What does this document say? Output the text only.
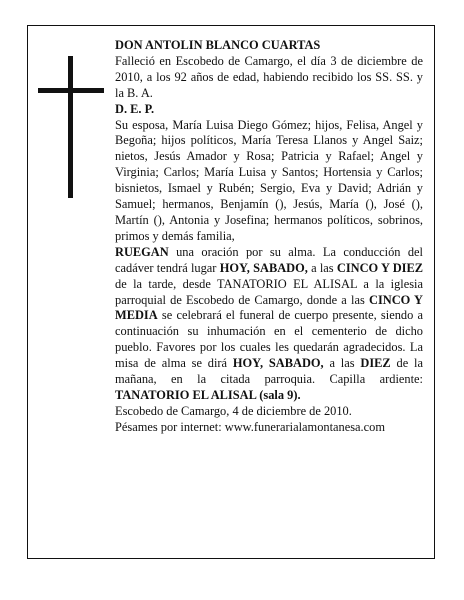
DON ANTOLIN BLANCO CUARTAS

Falleció en Escobedo de Camargo, el día 3 de diciembre de 2010, a los 92 años de edad, habiendo recibido los SS. SS. y la B. A.

D. E. P.

Su esposa, María Luisa Diego Gómez; hijos, Felisa, Angel y Begoña; hijos políticos, María Teresa Llanos y Angel Saiz; nietos, Jesús Amador y Rosa; Patricia y Rafael; Angel y Virginia; Carlos; María Luisa y Santos; Hortensia y Carlos; bisnietos, Ismael y Rubén; Sergio, Eva y David; Adrián y Samuel; hermanos, Benjamín (), Jesús, María (), José (), Martín (), Antonia y Josefina; hermanos políticos, sobrinos, primos y demás familia,
RUEGAN una oración por su alma. La conducción del cadáver tendrá lugar HOY, SABADO, a las CINCO Y DIEZ de la tarde, desde TANATORIO EL ALISAL a la iglesia parroquial de Escobedo de Camargo, donde a las CINCO Y MEDIA se celebrará el funeral de cuerpo presente, siendo a continuación su inhumación en el cementerio de dicho pueblo. Favores por los cuales les quedarán agradecidos. La misa de alma se dirá HOY, SABADO, a las DIEZ de la mañana, en la citada parroquia. Capilla ardiente: TANATORIO EL ALISAL (sala 9).

Escobedo de Camargo, 4 de diciembre de 2010.

Pésames por internet: www.funerarialamontanesa.com
